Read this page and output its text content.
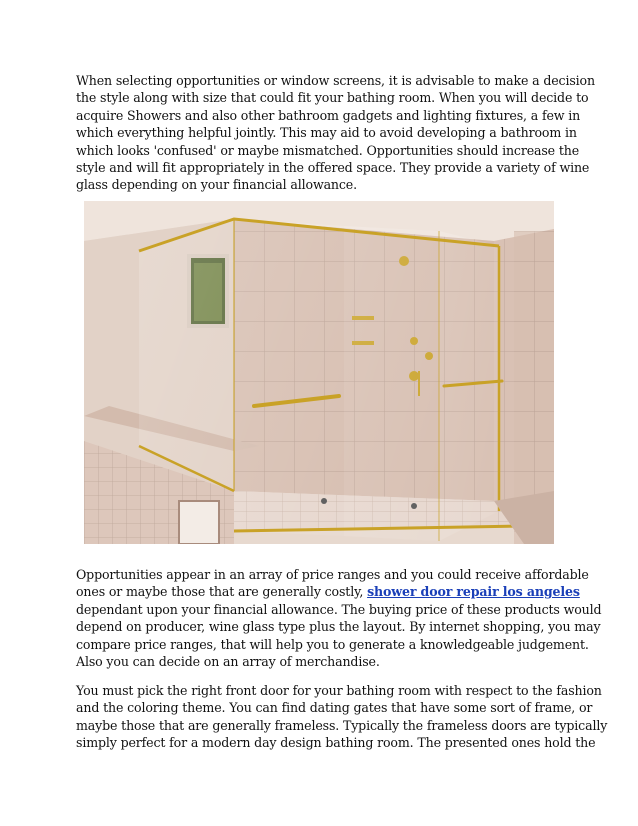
When selecting opportunities or window screens, it is advisable to make a decision
the style along with size that could fit your bathing room. When you will decide to
acquire Showers and also other bathroom gadgets and lighting fixtures, a few in
which everything helpful jointly. This may aid to avoid developing a bathroom in
which looks 'confused' or maybe mismatched. Opportunities should increase the
style and will fit appropriately in the offered space. They provide a variety of wine
glass depending on your financial allowance.

Opportunities appear in an array of price ranges and you could receive affordable
ones or maybe those that are generally costly, shower door repair los angeles
dependant upon your financial allowance. The buying price of these products would
depend on producer, wine glass type plus the layout. By internet shopping, you may
compare price ranges, that will help you to generate a knowledgeable judgement.
Also you can decide on an array of merchandise.

You must pick the right front door for your bathing room with respect to the fashion
and the coloring theme. You can find dating gates that have some sort of frame, or
maybe those that are generally frameless. Typically the frameless doors are typically
simply perfect for a modern day design bathing room. The presented ones hold the
